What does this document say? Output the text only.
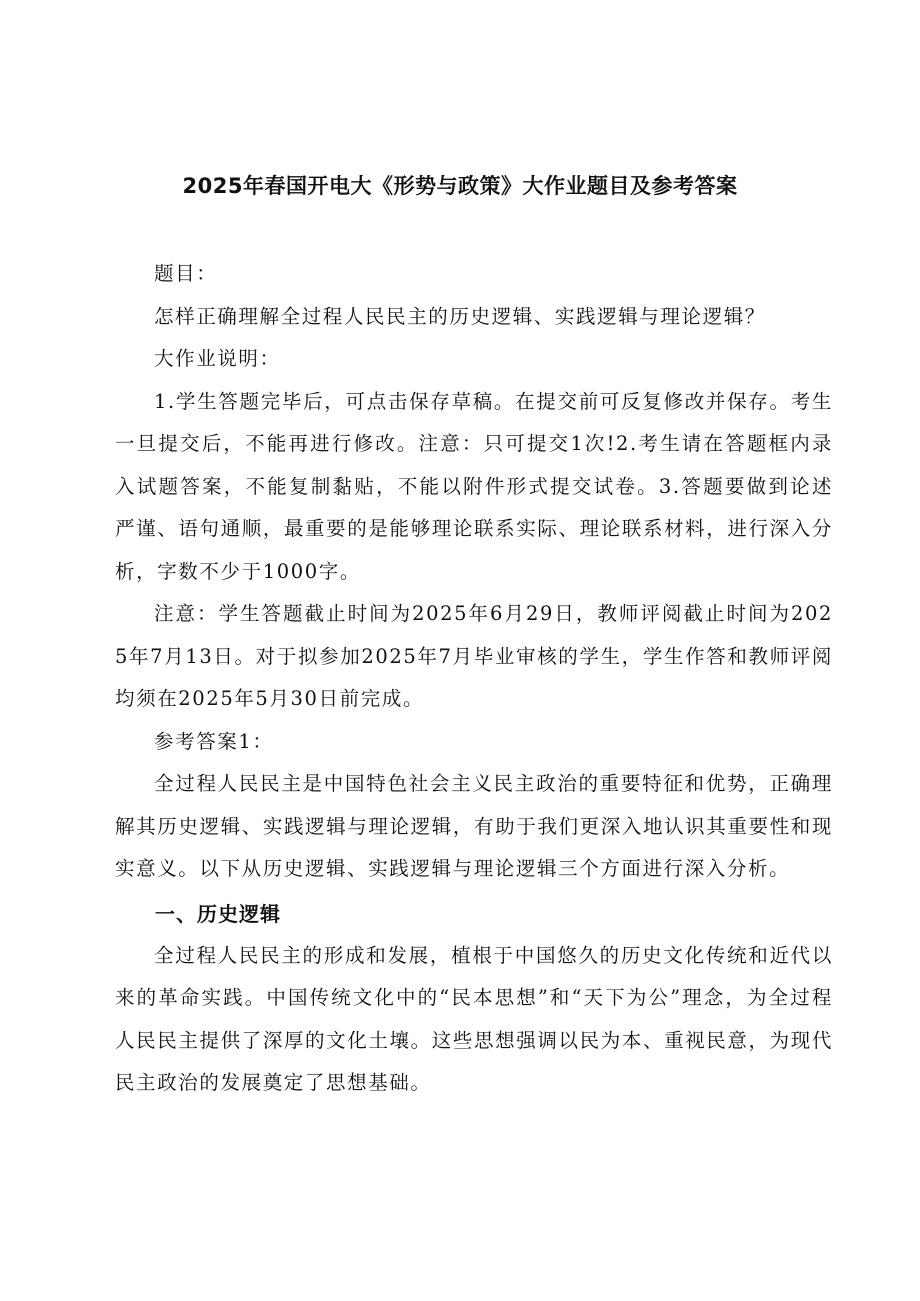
2025年春国开电大《形势与政策》大作业题目及参考答案

题目：

怎样正确理解全过程人民民主的历史逻辑、实践逻辑与理论逻辑？

大作业说明：

1.学生答题完毕后，可点击保存草稿。在提交前可反复修改并保存。考生一旦提交后，不能再进行修改。注意：只可提交1次!2.考生请在答题框内录入试题答案，不能复制黏贴，不能以附件形式提交试卷。3.答题要做到论述严谨、语句通顺，最重要的是能够理论联系实际、理论联系材料，进行深入分析，字数不少于1000字。

注意：学生答题截止时间为2025年6月29日，教师评阅截止时间为2025年7月13日。对于拟参加2025年7月毕业审核的学生，学生作答和教师评阅均须在2025年5月30日前完成。

参考答案1：

全过程人民民主是中国特色社会主义民主政治的重要特征和优势，正确理解其历史逻辑、实践逻辑与理论逻辑，有助于我们更深入地认识其重要性和现实意义。以下从历史逻辑、实践逻辑与理论逻辑三个方面进行深入分析。

一、历史逻辑

全过程人民民主的形成和发展，植根于中国悠久的历史文化传统和近代以来的革命实践。中国传统文化中的“民本思想”和“天下为公”理念，为全过程人民民主提供了深厚的文化土壤。这些思想强调以民为本、重视民意，为现代民主政治的发展奠定了思想基础。
